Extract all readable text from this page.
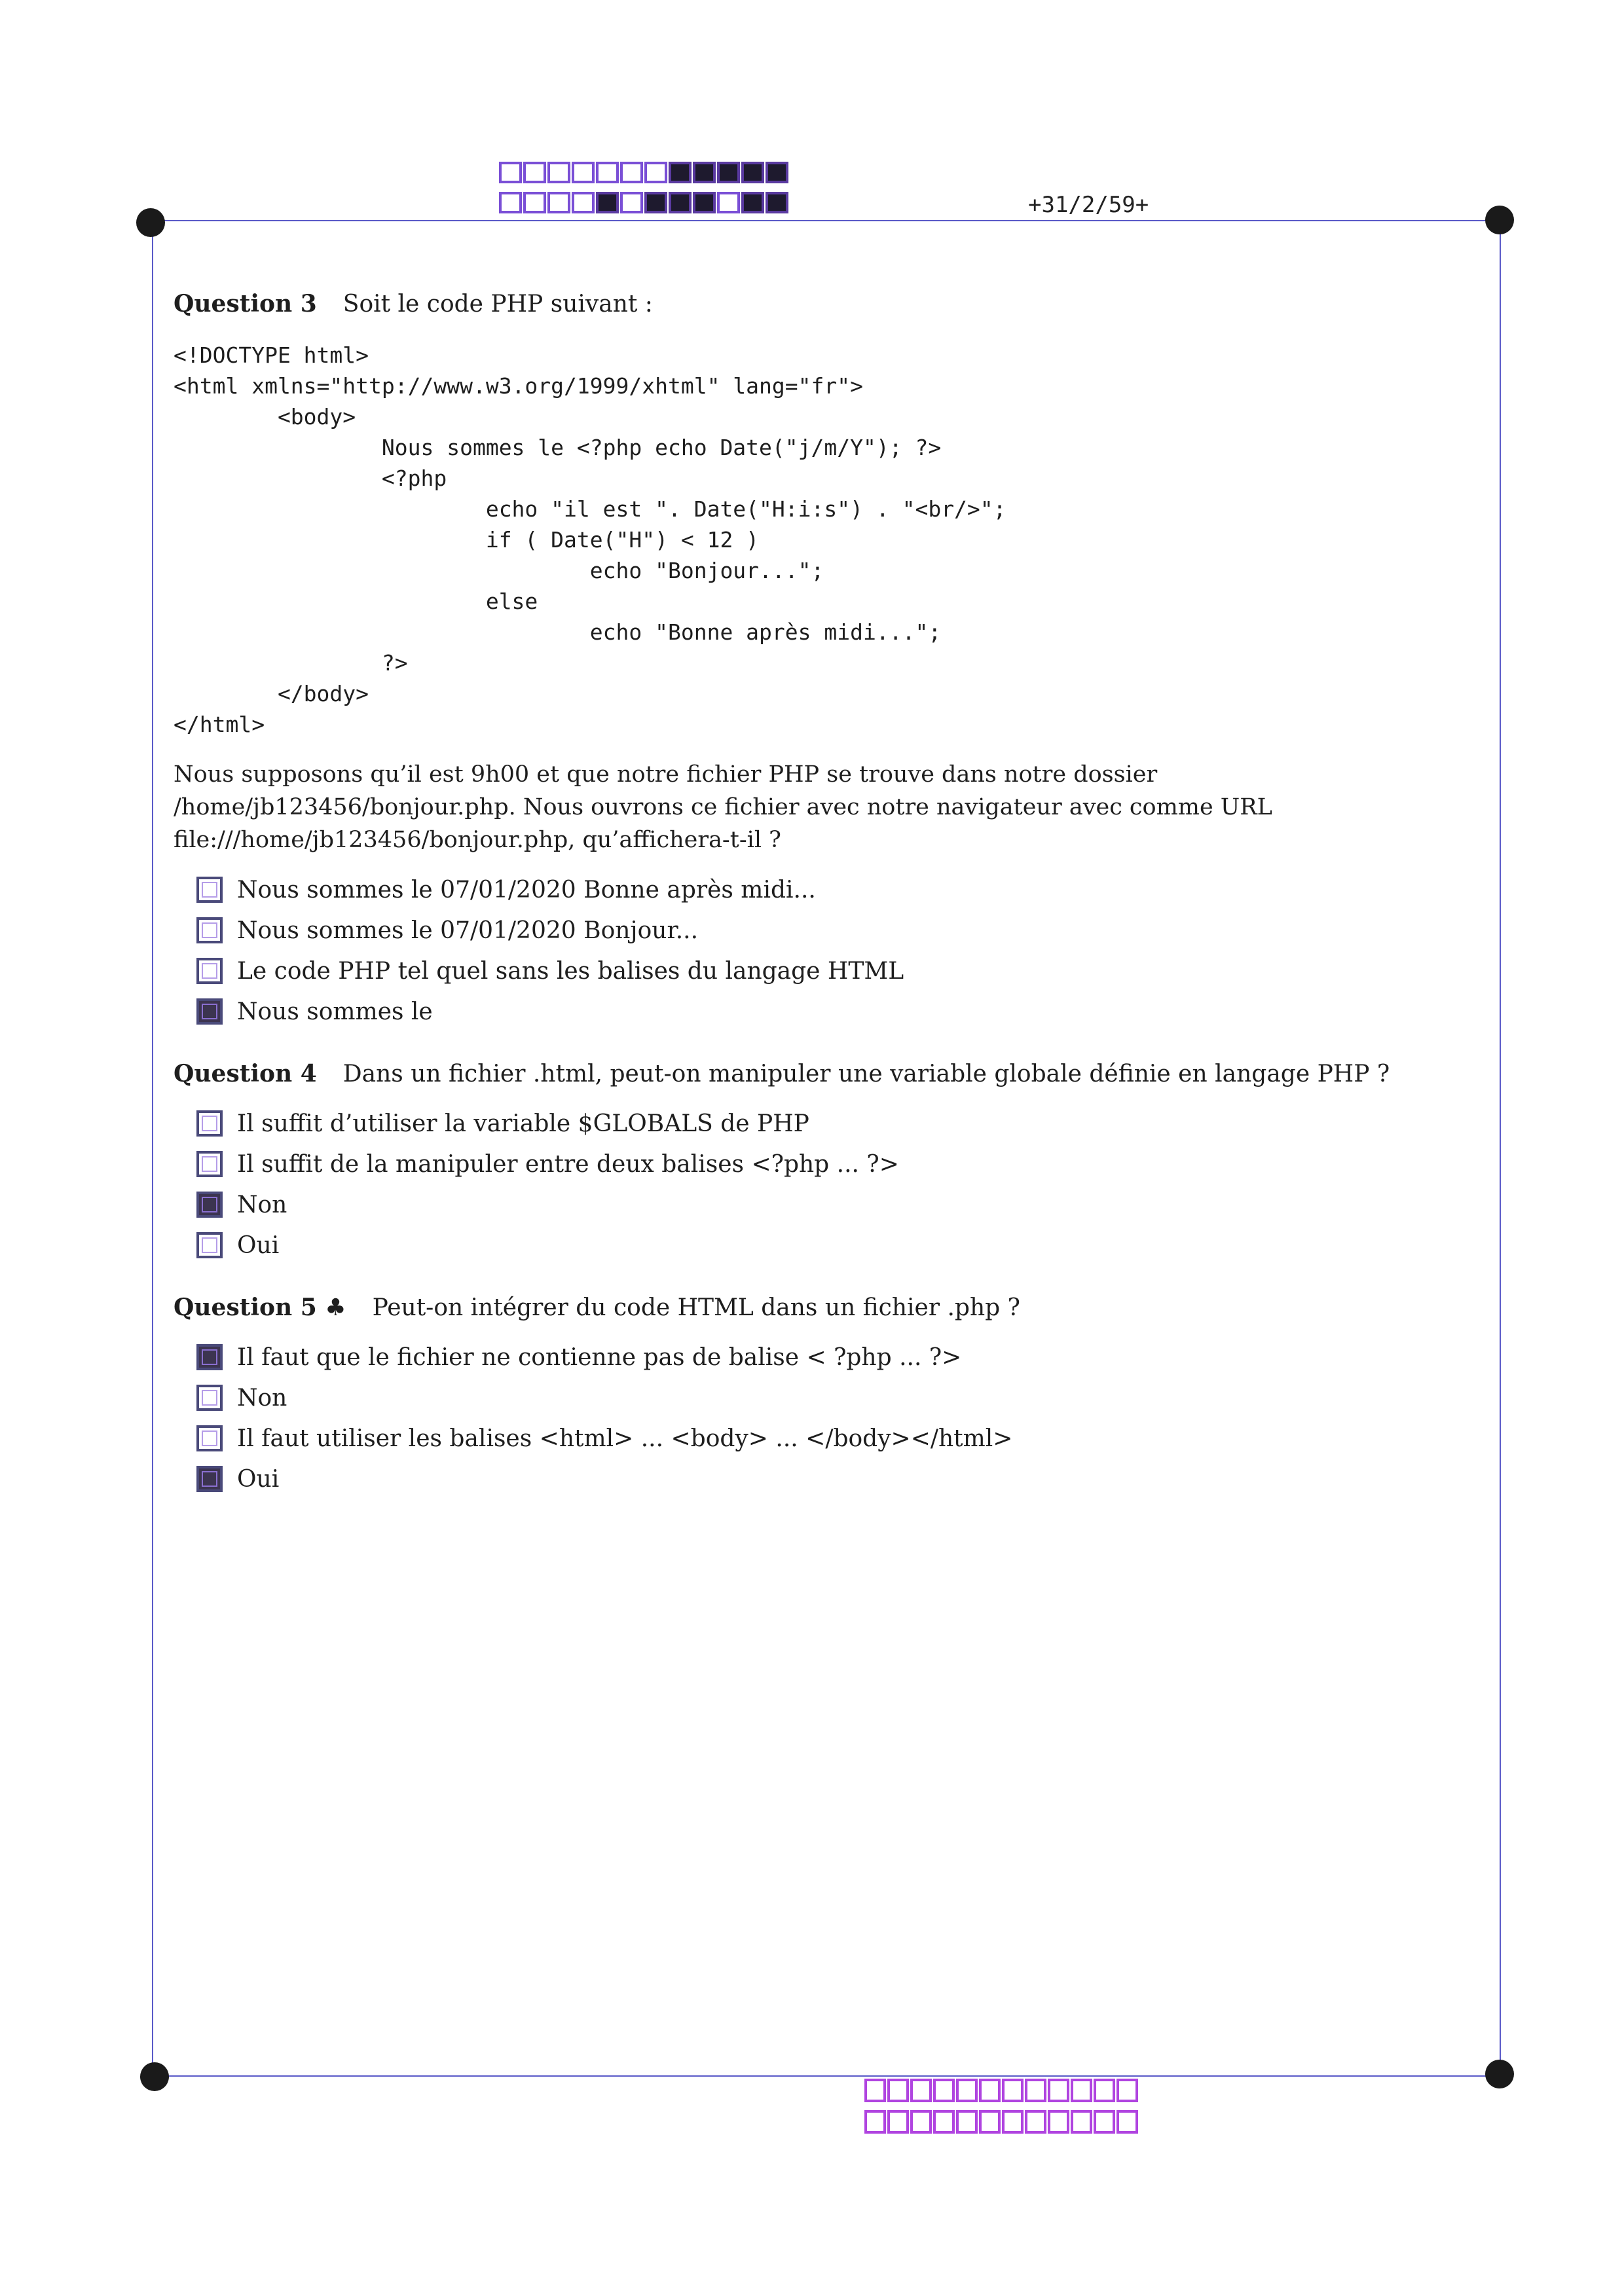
+31/2/59+
Question 3 Soit le code PHP suivant :
<!DOCTYPE html>
<html xmlns="http://www.w3.org/1999/xhtml" lang="fr">
<body>
Nous sommes le <?php echo Date("j/m/Y"); ?>
<?php
echo "il est ". Date("H:i:s") . "<br/>";
if ( Date("H") < 12 )
echo "Bonjour...";
else
echo "Bonne après midi...";
?>
</body>
</html>
Nous supposons qu’il est 9h00 et que notre fichier PHP se trouve dans notre dossier /home/jb123456/bonjour.php. Nous ouvrons ce fichier avec notre navigateur avec comme URL file:///home/jb123456/bonjour.php, qu’affichera-t-il ?
Nous sommes le 07/01/2020 Bonne après midi...
Nous sommes le 07/01/2020 Bonjour...
Le code PHP tel quel sans les balises du langage HTML
Nous sommes le
Question 4 Dans un fichier .html, peut-on manipuler une variable globale définie en langage PHP ?
Il suffit d’utiliser la variable $GLOBALS de PHP
Il suffit de la manipuler entre deux balises <?php ... ?>
Non
Oui
Question 5 ♣ Peut-on intégrer du code HTML dans un fichier .php ?
Il faut que le fichier ne contienne pas de balise < ?php ... ?>
Non
Il faut utiliser les balises <html> ... <body> ... </body></html>
Oui
